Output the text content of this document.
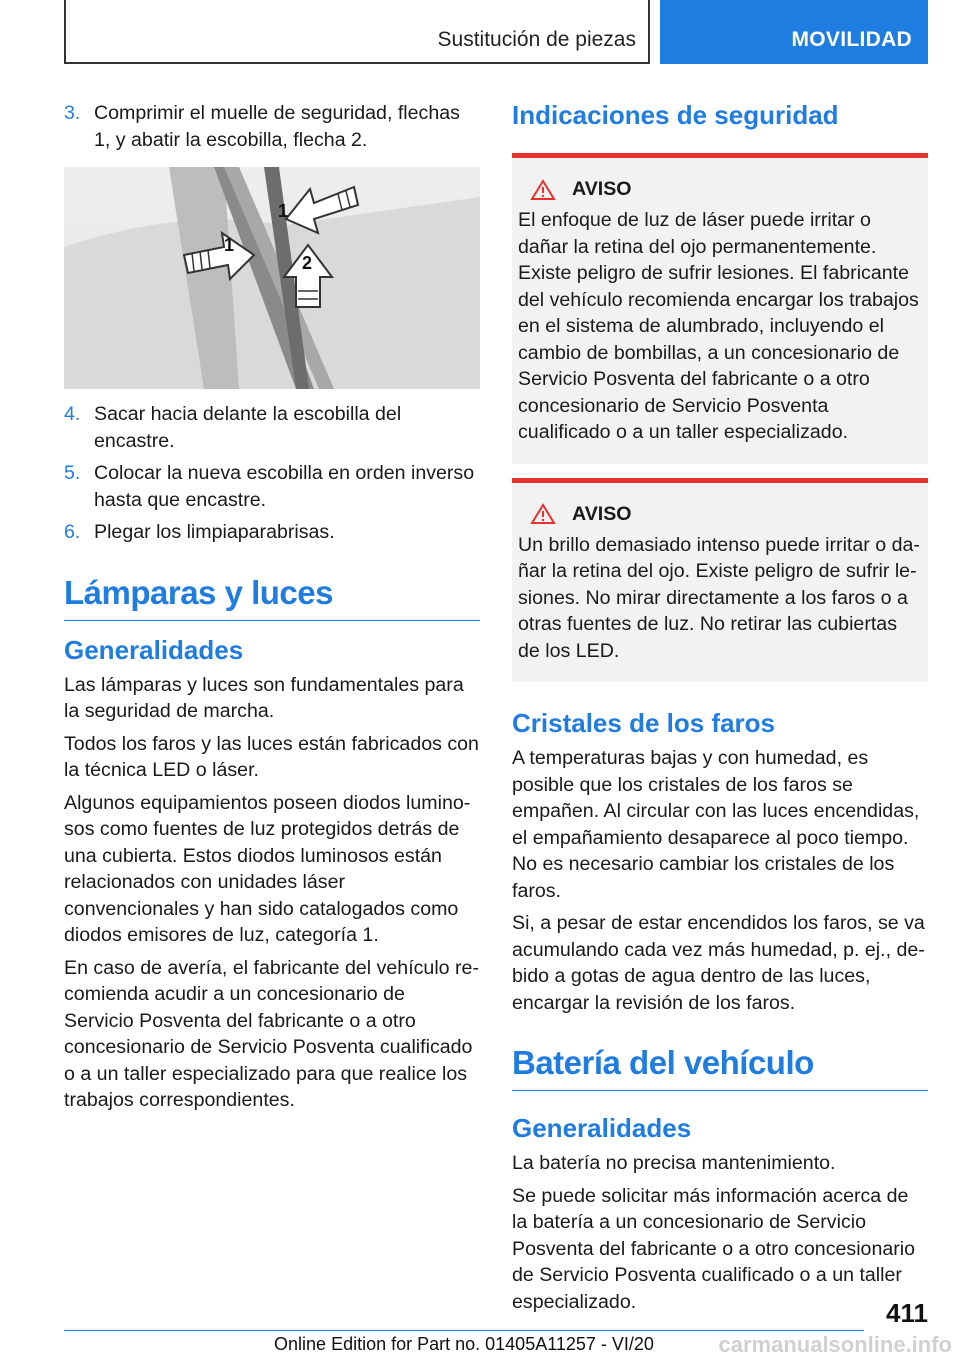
Sustitución de piezas	MOVILIDAD
3. Comprimir el muelle de seguridad, flechas 1, y abatir la escobilla, flecha 2.
1
1
2
4. Sacar hacia delante la escobilla del encastre.
5. Colocar la nueva escobilla en orden inverso hasta que encastre.
6. Plegar los limpiaparabrisas.
Lámparas y luces
Generalidades

Las lámparas y luces son fundamentales para la seguridad de marcha.

Todos los faros y las luces están fabricados con la técnica LED o láser.

Algunos equipamientos poseen diodos luminosos como fuentes de luz protegidos detrás de una cubierta. Estos diodos luminosos están relacionados con unidades láser convencionales y han sido catalogados como diodos emisores de luz, categoría 1.

En caso de avería, el fabricante del vehículo recomienda acudir a un concesionario de Servicio Posventa del fabricante o a otro concesionario de Servicio Posventa cualificado o a un taller especializado para que realice los trabajos correspondientes.

Indicaciones de seguridad
AVISO

El enfoque de luz de láser puede irritar o dañar la retina del ojo permanentemente. Existe peligro de sufrir lesiones. El fabricante del vehículo recomienda encargar los trabajos en el sistema de alumbrado, incluyendo el cambio de bombillas, a un concesionario de Servicio Posventa del fabricante o a otro concesionario de Servicio Posventa cualificado o a un taller especializado.

AVISO

Un brillo demasiado intenso puede irritar o dañar la retina del ojo. Existe peligro de sufrir lesiones. No mirar directamente a los faros o a otras fuentes de luz. No retirar las cubiertas de los LED.

Cristales de los faros

A temperaturas bajas y con humedad, es posible que los cristales de los faros se empañen. Al circular con las luces encendidas, el empañamiento desaparece al poco tiempo. No es necesario cambiar los cristales de los faros.

Si, a pesar de estar encendidos los faros, se va acumulando cada vez más humedad, p. ej., debido a gotas de agua dentro de las luces, encargar la revisión de los faros.

Batería del vehículo
Generalidades

La batería no precisa mantenimiento.

Se puede solicitar más información acerca de la batería a un concesionario de Servicio Posventa del fabricante o a otro concesionario de Servicio Posventa cualificado o a un taller especializado.	411
Online Edition for Part no. 01405A11257 - VI/20	carmanualsonline.info
